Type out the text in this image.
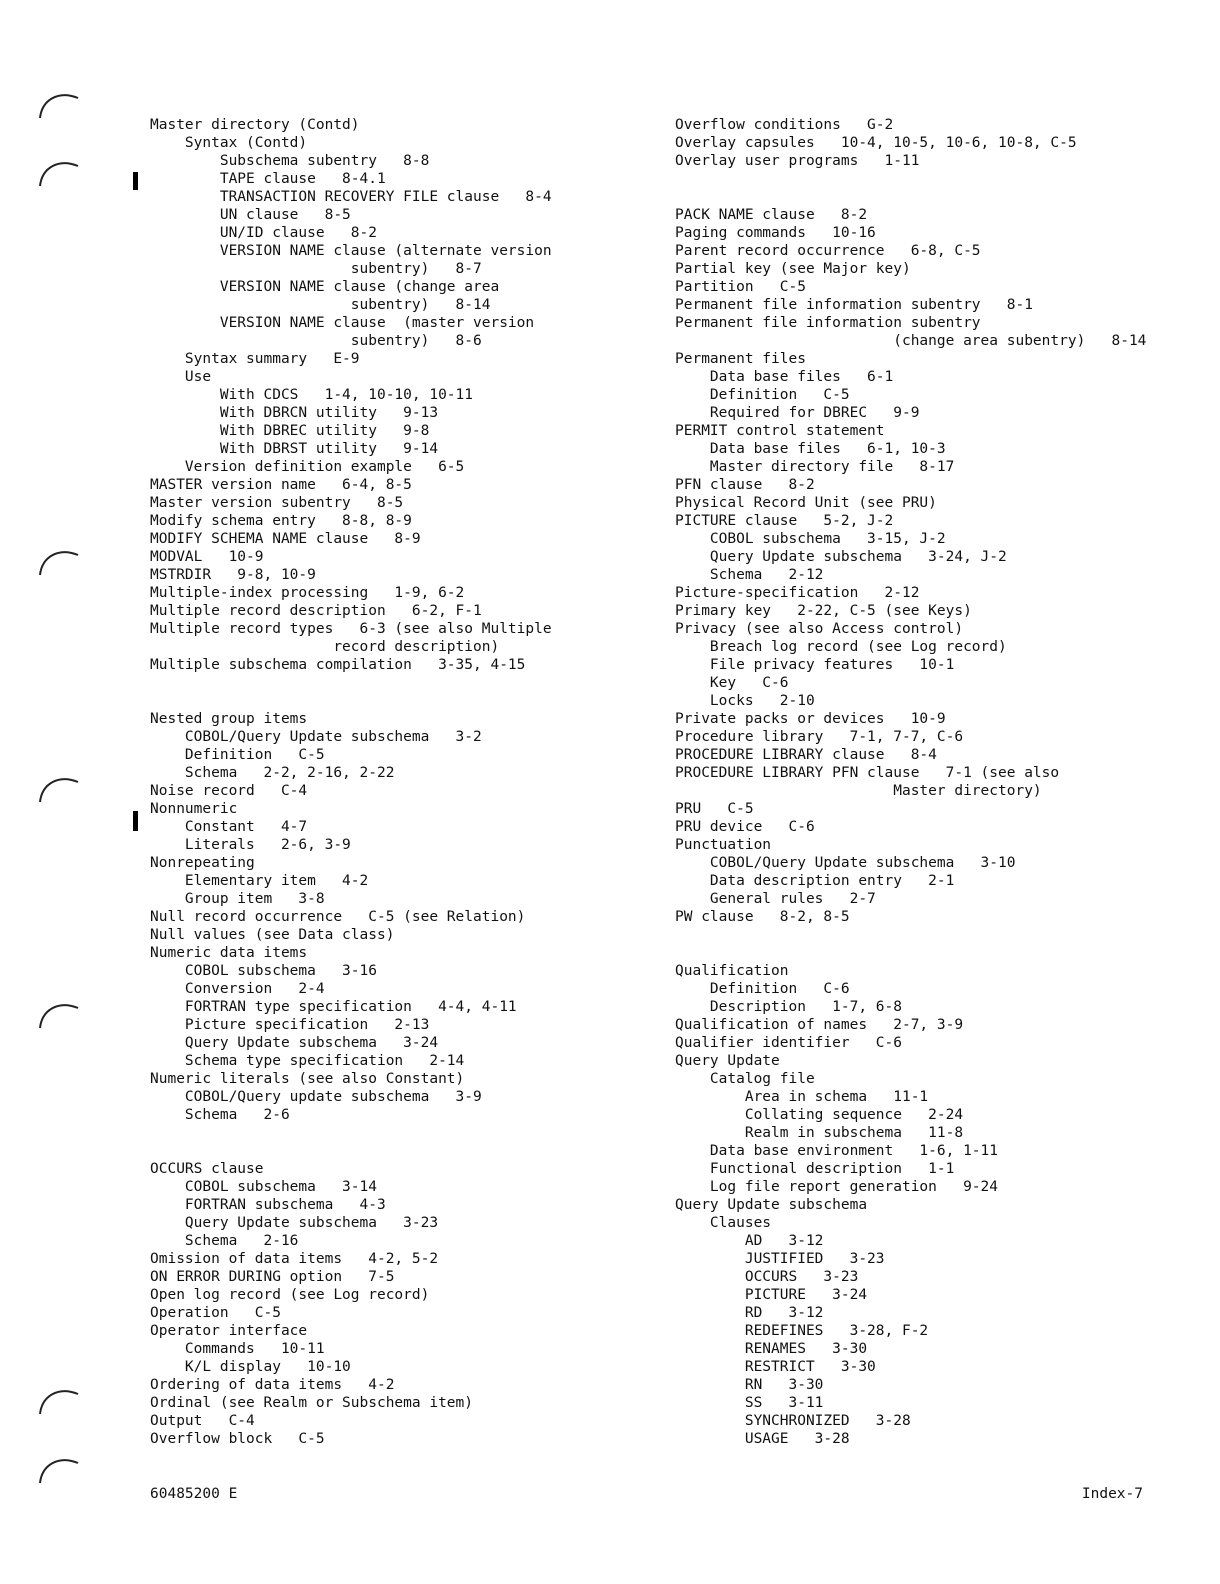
Master directory (Contd)
Syntax (Contd)
Subschema subentry   8-8
TAPE clause   8-4.1
TRANSACTION RECOVERY FILE clause   8-4
UN clause   8-5
UN/ID clause   8-2
VERSION NAME clause (alternate version
subentry)   8-7
VERSION NAME clause (change area
subentry)   8-14
VERSION NAME clause  (master version
subentry)   8-6
Syntax summary   E-9
Use
With CDCS   1-4, 10-10, 10-11
With DBRCN utility   9-13
With DBREC utility   9-8
With DBRST utility   9-14
Version definition example   6-5
MASTER version name   6-4, 8-5
Master version subentry   8-5
Modify schema entry   8-8, 8-9
MODIFY SCHEMA NAME clause   8-9
MODVAL   10-9
MSTRDIR   9-8, 10-9
Multiple-index processing   1-9, 6-2
Multiple record description   6-2, F-1
Multiple record types   6-3 (see also Multiple
record description)
Multiple subschema compilation   3-35, 4-15
Nested group items
COBOL/Query Update subschema   3-2
Definition   C-5
Schema   2-2, 2-16, 2-22
Noise record   C-4
Nonnumeric
Constant   4-7
Literals   2-6, 3-9
Nonrepeating
Elementary item   4-2
Group item   3-8
Null record occurrence   C-5 (see Relation)
Null values (see Data class)
Numeric data items
COBOL subschema   3-16
Conversion   2-4
FORTRAN type specification   4-4, 4-11
Picture specification   2-13
Query Update subschema   3-24
Schema type specification   2-14
Numeric literals (see also Constant)
COBOL/Query update subschema   3-9
Schema   2-6
OCCURS clause
COBOL subschema   3-14
FORTRAN subschema   4-3
Query Update subschema   3-23
Schema   2-16
Omission of data items   4-2, 5-2
ON ERROR DURING option   7-5
Open log record (see Log record)
Operation   C-5
Operator interface
Commands   10-11
K/L display   10-10
Ordering of data items   4-2
Ordinal (see Realm or Subschema item)
Output   C-4
Overflow block   C-5
Overflow conditions   G-2
Overlay capsules   10-4, 10-5, 10-6, 10-8, C-5
Overlay user programs   1-11
PACK NAME clause   8-2
Paging commands   10-16
Parent record occurrence   6-8, C-5
Partial key (see Major key)
Partition   C-5
Permanent file information subentry   8-1
Permanent file information subentry
(change area subentry)   8-14
Permanent files
Data base files   6-1
Definition   C-5
Required for DBREC   9-9
PERMIT control statement
Data base files   6-1, 10-3
Master directory file   8-17
PFN clause   8-2
Physical Record Unit (see PRU)
PICTURE clause   5-2, J-2
COBOL subschema   3-15, J-2
Query Update subschema   3-24, J-2
Schema   2-12
Picture-specification   2-12
Primary key   2-22, C-5 (see Keys)
Privacy (see also Access control)
Breach log record (see Log record)
File privacy features   10-1
Key   C-6
Locks   2-10
Private packs or devices   10-9
Procedure library   7-1, 7-7, C-6
PROCEDURE LIBRARY clause   8-4
PROCEDURE LIBRARY PFN clause   7-1 (see also
Master directory)
PRU   C-5
PRU device   C-6
Punctuation
COBOL/Query Update subschema   3-10
Data description entry   2-1
General rules   2-7
PW clause   8-2, 8-5
Qualification
Definition   C-6
Description   1-7, 6-8
Qualification of names   2-7, 3-9
Qualifier identifier   C-6
Query Update
Catalog file
Area in schema   11-1
Collating sequence   2-24
Realm in subschema   11-8
Data base environment   1-6, 1-11
Functional description   1-1
Log file report generation   9-24
Query Update subschema
Clauses
AD   3-12
JUSTIFIED   3-23
OCCURS   3-23
PICTURE   3-24
RD   3-12
REDEFINES   3-28, F-2
RENAMES   3-30
RESTRICT   3-30
RN   3-30
SS   3-11
SYNCHRONIZED   3-28
USAGE   3-28
60485200 E	Index-7
